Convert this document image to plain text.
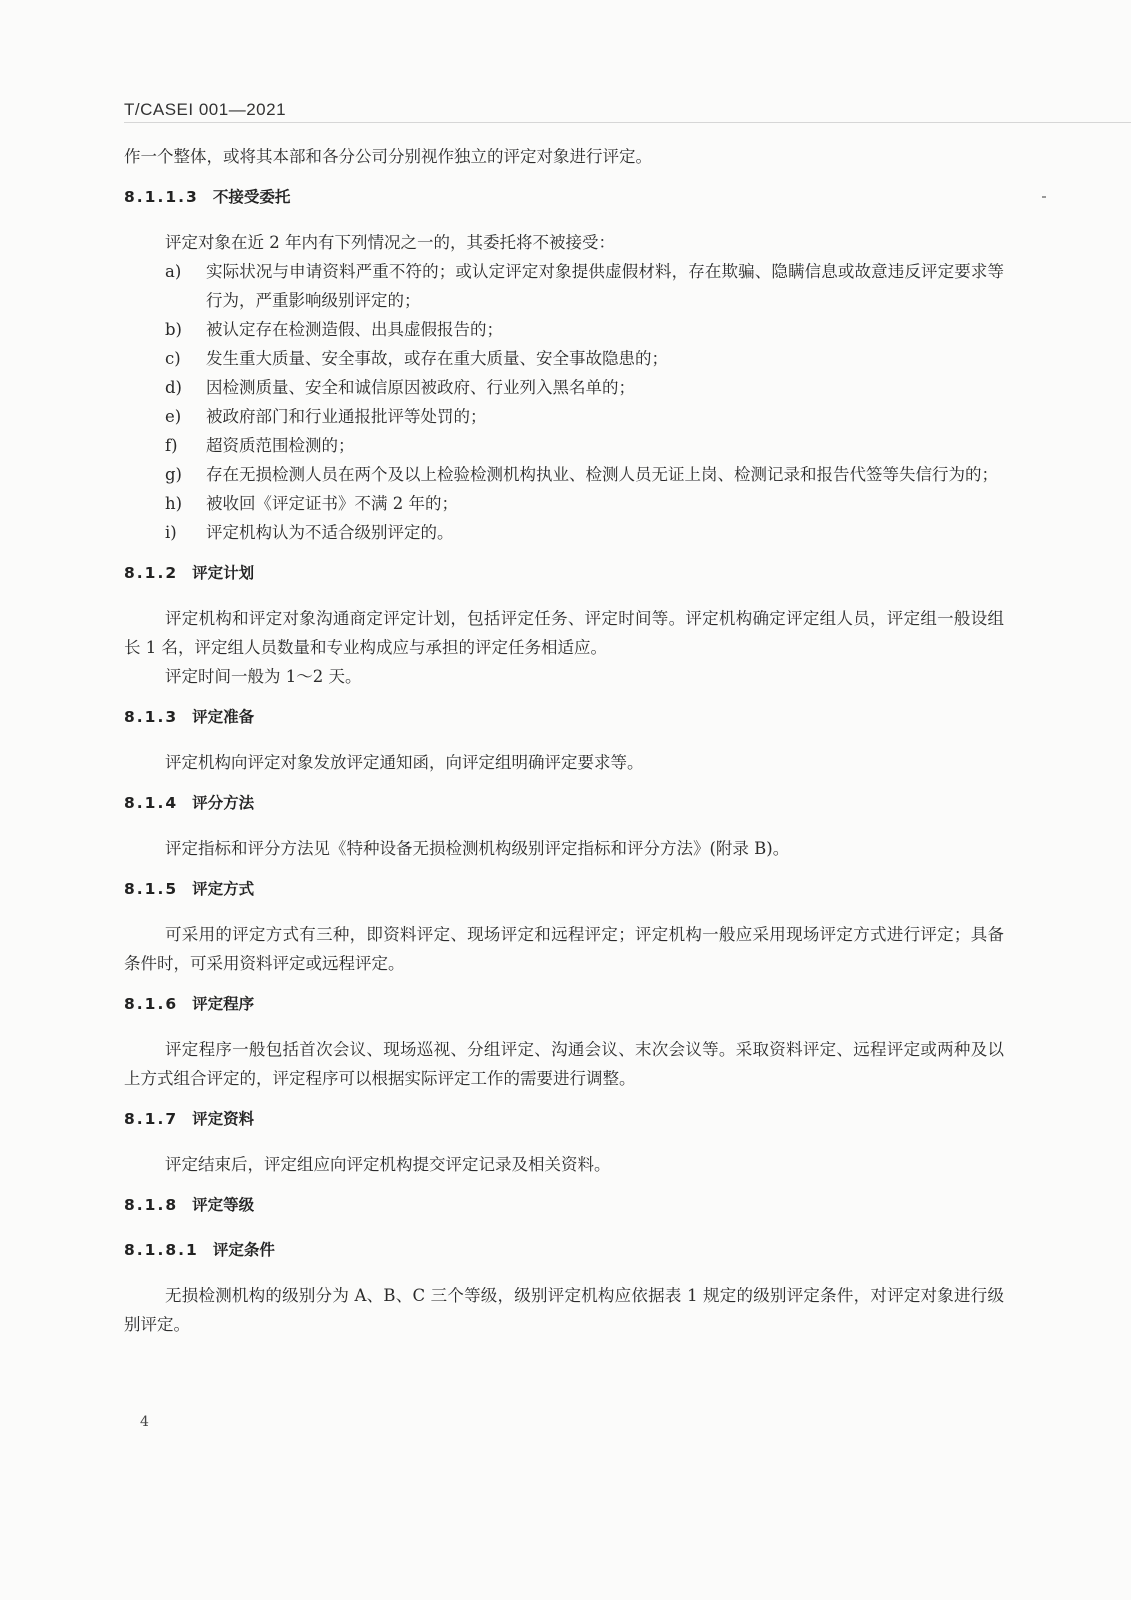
T/CASEI 001—2021

作一个整体，或将其本部和各分公司分别视作独立的评定对象进行评定。

8.1.1.3 不接受委托

评定对象在近 2 年内有下列情况之一的，其委托将不被接受：

a)	实际状况与申请资料严重不符的；或认定评定对象提供虚假材料，存在欺骗、隐瞒信息或故意违反评定要求等行为，严重影响级别评定的；
b)	被认定存在检测造假、出具虚假报告的；
c)	发生重大质量、安全事故，或存在重大质量、安全事故隐患的；
d)	因检测质量、安全和诚信原因被政府、行业列入黑名单的；
e)	被政府部门和行业通报批评等处罚的；
f)	超资质范围检测的；
g) 存在无损检测人员在两个及以上检验检测机构执业、检测人员无证上岗、检测记录和报告代签等失信行为的；
h)	被收回《评定证书》不满 2 年的；
i)	评定机构认为不适合级别评定的。
8.1.2 评定计划

评定机构和评定对象沟通商定评定计划，包括评定任务、评定时间等。评定机构确定评定组人员，评定组一般设组长 1 名，评定组人员数量和专业构成应与承担的评定任务相适应。

评定时间一般为 1～2 天。

8.1.3 评定准备

评定机构向评定对象发放评定通知函，向评定组明确评定要求等。

8.1.4 评分方法

评定指标和评分方法见《特种设备无损检测机构级别评定指标和评分方法》(附录 B)。

8.1.5 评定方式

可采用的评定方式有三种，即资料评定、现场评定和远程评定；评定机构一般应采用现场评定方式进行评定；具备条件时，可采用资料评定或远程评定。

8.1.6 评定程序

评定程序一般包括首次会议、现场巡视、分组评定、沟通会议、末次会议等。采取资料评定、远程评定或两种及以上方式组合评定的，评定程序可以根据实际评定工作的需要进行调整。

8.1.7 评定资料

评定结束后，评定组应向评定机构提交评定记录及相关资料。

8.1.8 评定等级
8.1.8.1 评定条件

无损检测机构的级别分为 A、B、C 三个等级，级别评定机构应依据表 1 规定的级别评定条件，对评定对象进行级别评定。

4
